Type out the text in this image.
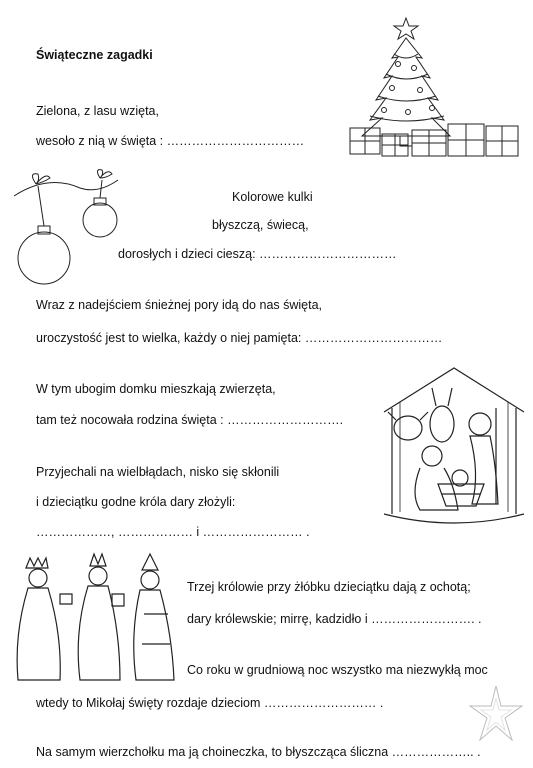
Świąteczne zagadki
Zielona, z lasu wzięta,
wesoło z nią w święta : ……………………………
Kolorowe kulki
błyszczą, świecą,
dorosłych i dzieci cieszą: ……………………………
Wraz z nadejściem śnieżnej pory idą do nas święta,
uroczystość jest to wielka, każdy o niej pamięta: ……………………………
W tym ubogim domku mieszkają zwierzęta,
tam też nocowała rodzina święta : ……………………….
Przyjechali na wielbłądach, nisko się skłonili
i dzieciątku godne króla dary złożyli:
………………, ……………… i …………………… .
Trzej królowie przy żłóbku dzieciątku dają z ochotą;
dary królewskie; mirrę, kadzidło i ……………………. .
Co roku w grudniową noc wszystko ma niezwykłą moc
wtedy to Mikołaj święty rozdaje dzieciom ……………………… .
Na samym wierzchołku ma ją choineczka, to błyszcząca śliczna ……………….. .
